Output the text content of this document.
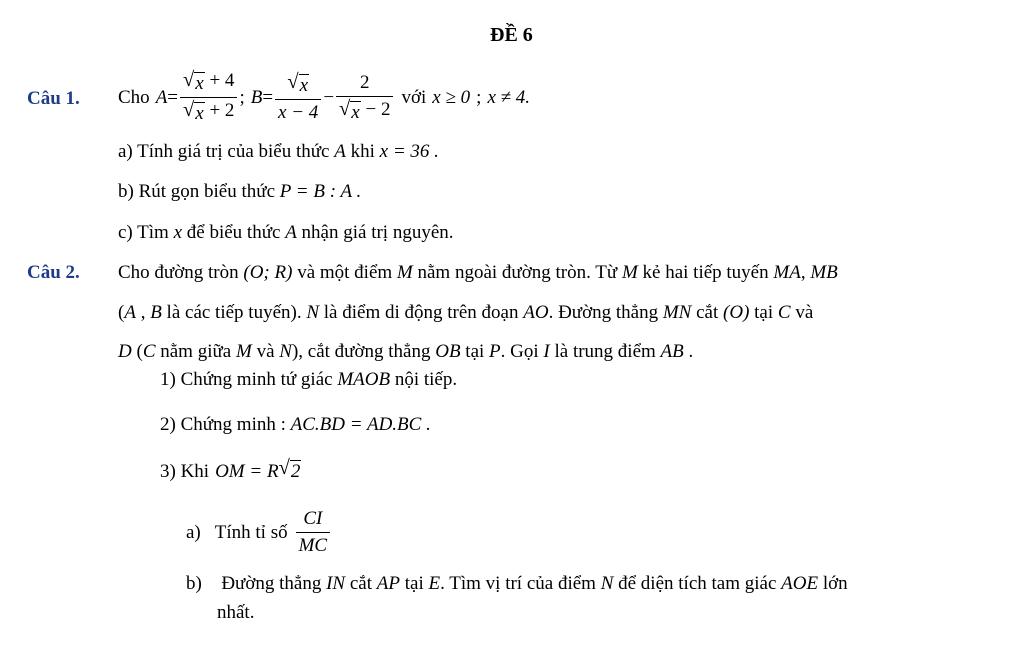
ĐỀ 6
Câu 1. Cho $A = \frac{√ x + 4}{√ x + 2}$ ; $B = \frac{√ x}{x - 4} - \frac{2}{√ x - 2}$ với x ≥ 0 ; x ≠ 4.
a) Tính giá trị của biểu thức A khi x = 36 .
b) Rút gọn biểu thức P = B : A .
c) Tìm x để biểu thức A nhận giá trị nguyên.
Câu 2. Cho đường tròn (O; R) và một điểm M nằm ngoài đường tròn. Từ M kẻ hai tiếp tuyến MA, MB
(A , B là các tiếp tuyến). N là điểm di động trên đoạn AO. Đường thẳng MN cắt (O) tại C và
D (C nằm giữa M và N), cắt đường thẳng OB tại P. Gọi I là trung điểm AB .
1) Chứng minh tứ giác MAOB nội tiếp.
2) Chứng minh : AC.BD = AD.BC .
3) Khi OM = R √ 2
a) Tính tỉ số $\frac{CI}{MC}$
b) Đường thẳng IN cắt AP tại E. Tìm vị trí của điểm N để diện tích tam giác AOE lớn
nhất.
